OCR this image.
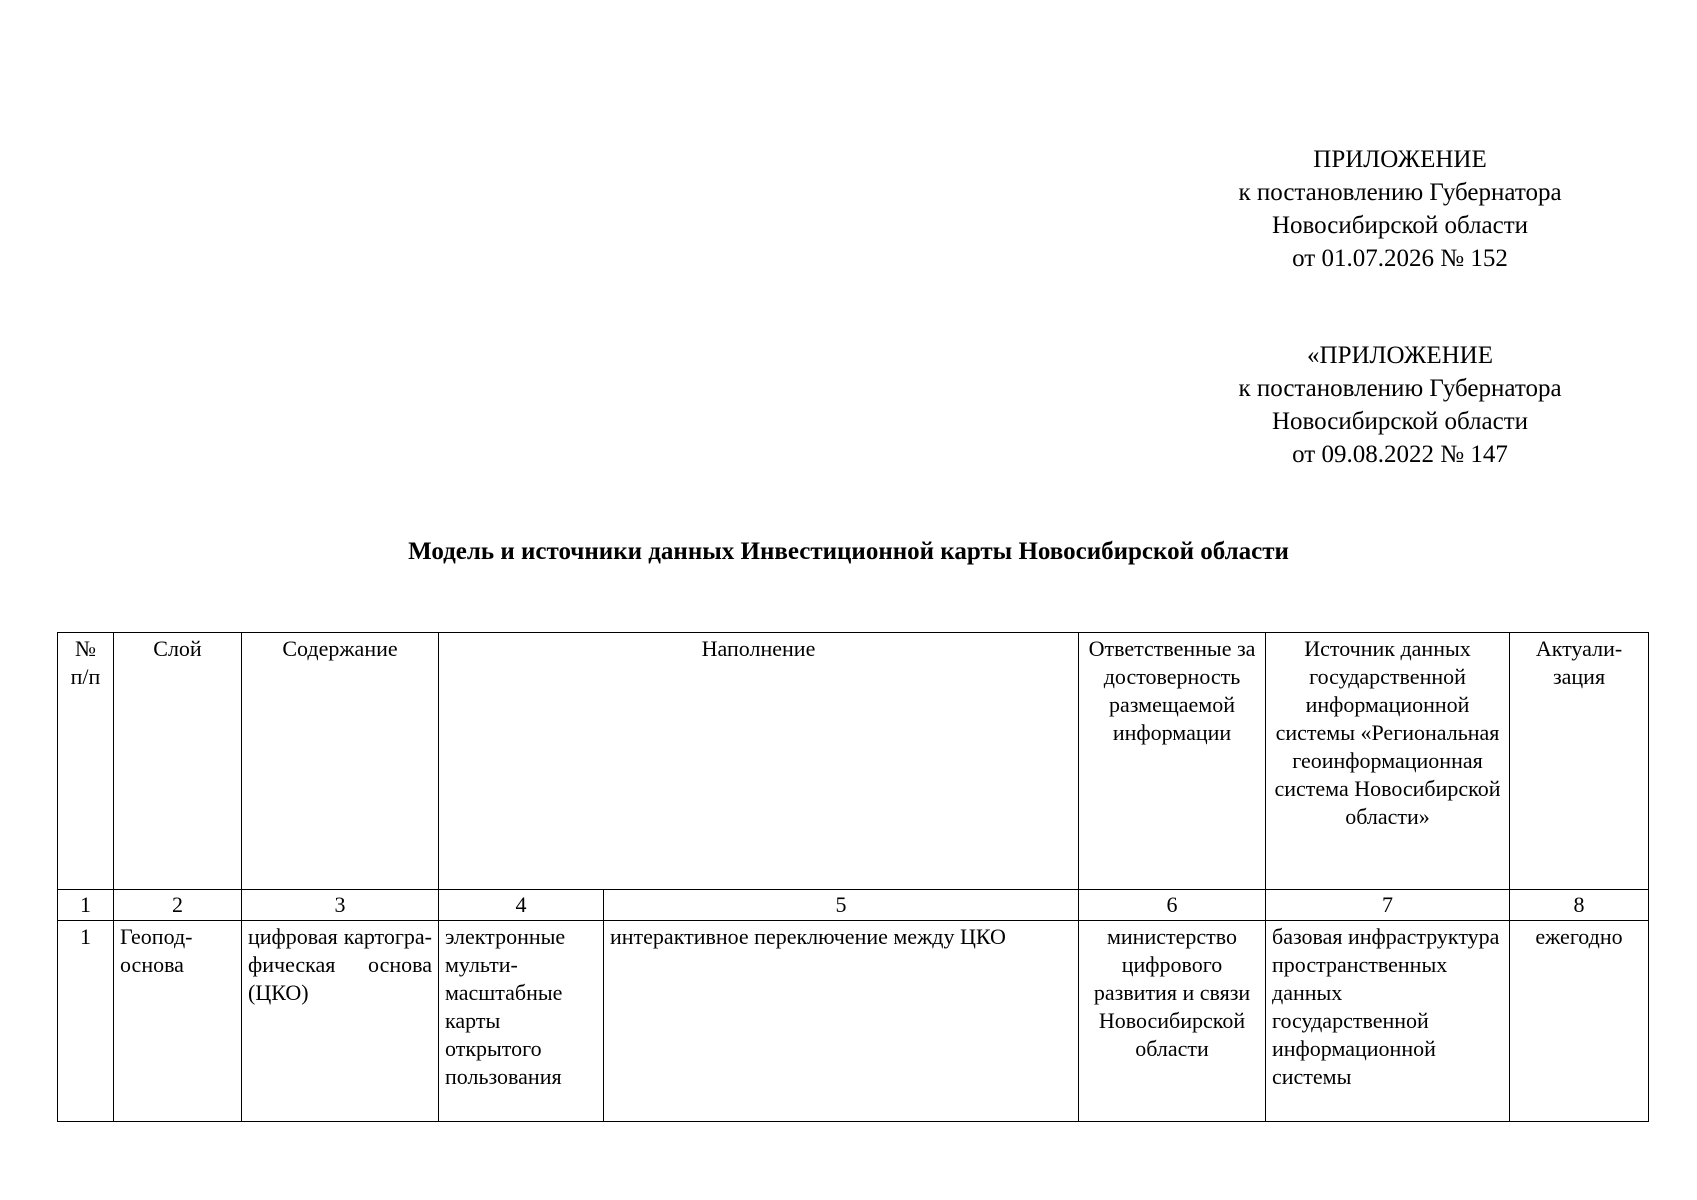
ПРИЛОЖЕНИЕ
к постановлению Губернатора
Новосибирской области
от 01.07.2026 № 152
«ПРИЛОЖЕНИЕ
к постановлению Губернатора
Новосибирской области
от 09.08.2022 № 147
Модель и источники данных Инвестиционной карты Новосибирской области
№ п/п	Слой	Содержание	Наполнение		Ответственные за достоверность размещаемой информации	Источник данных государственной информационной системы «Региональная геоинформационная система Новосибирской области»	Актуали-зация
1	2	3	4	5	6	7	8
1	Геопод-основа	цифровая картогра-фическая основа (ЦКО)	электронные мульти-масштабные карты открытого пользования	интерактивное переключение между ЦКО	министерство цифрового развития и связи Новосибирской области	базовая инфраструктура пространственных данных государственной информационной системы	ежегодно
